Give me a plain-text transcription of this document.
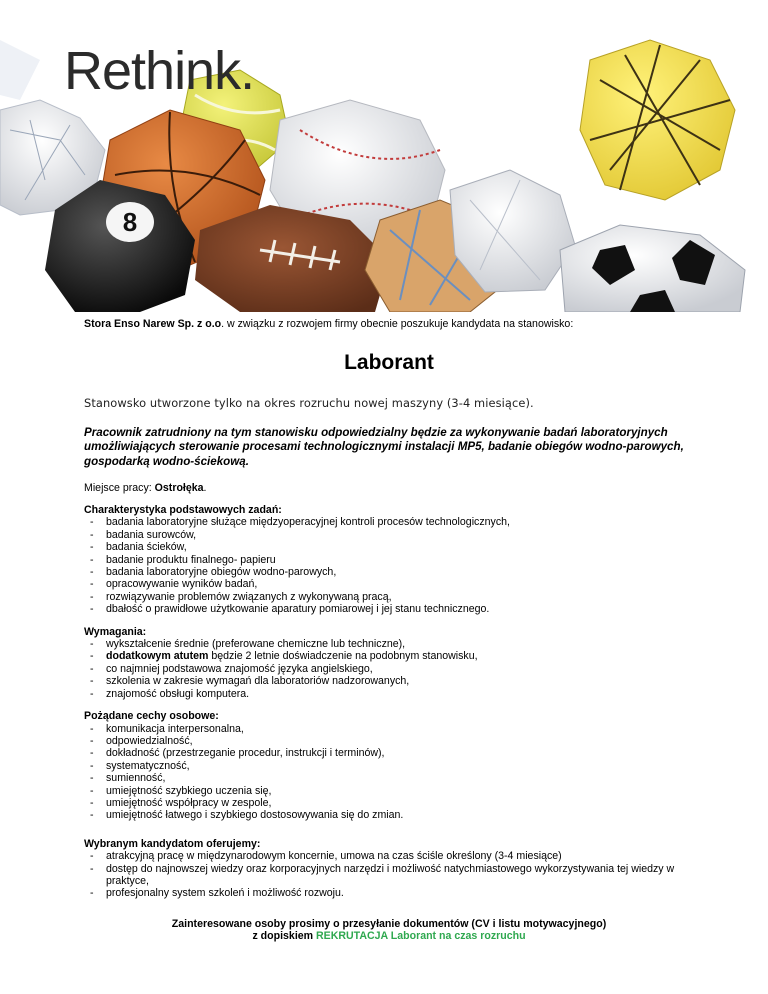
8
Rethink.

Stora Enso Narew Sp. z o.o. w związku z rozwojem firmy obecnie poszukuje kandydata na stanowisko:

Laborant

Stanowsko utworzone tylko na okres rozruchu nowej maszyny (3-4 miesiące).

Pracownik zatrudniony na tym stanowisku odpowiedzialny będzie za wykonywanie badań laboratoryjnych umożliwiających sterowanie procesami technologicznymi instalacji MP5, badanie obiegów wodno-parowych, gospodarką wodno-ściekową.

Miejsce pracy: Ostrołęka.

Charakterystyka podstawowych zadań:

- badania laboratoryjne służące międzyoperacyjnej kontroli procesów technologicznych,
- badania surowców,
- badania ścieków,
- badanie produktu finalnego- papieru
- badania laboratoryjne obiegów wodno-parowych,
- opracowywanie wyników badań,
- rozwiązywanie problemów związanych z wykonywaną pracą,
- dbałość o prawidłowe użytkowanie aparatury pomiarowej i jej stanu technicznego.

Wymagania:

- wykształcenie średnie (preferowane chemiczne lub techniczne),
- dodatkowym atutem będzie 2 letnie doświadczenie na podobnym stanowisku,
- co najmniej podstawowa znajomość języka angielskiego,
- szkolenia w zakresie wymagań dla laboratoriów nadzorowanych,
- znajomość obsługi komputera.

Pożądane cechy osobowe:

- komunikacja interpersonalna,
- odpowiedzialność,
- dokładność (przestrzeganie procedur, instrukcji i terminów),
- systematyczność,
- sumienność,
- umiejętność szybkiego uczenia się,
- umiejętność współpracy w zespole,
- umiejętność łatwego i szybkiego dostosowywania się do zmian.

Wybranym kandydatom oferujemy:

- atrakcyjną pracę w międzynarodowym koncernie, umowa na czas ściśle określony (3-4 miesiące)
- dostęp do najnowszej wiedzy oraz korporacyjnych narzędzi i możliwość natychmiastowego wykorzystywania tej wiedzy w praktyce,
- profesjonalny system szkoleń i możliwość rozwoju.
Zainteresowane osoby prosimy o przesyłanie dokumentów (CV i listu motywacyjnego)
z dopiskiem REKRUTACJA Laborant na czas rozruchu
